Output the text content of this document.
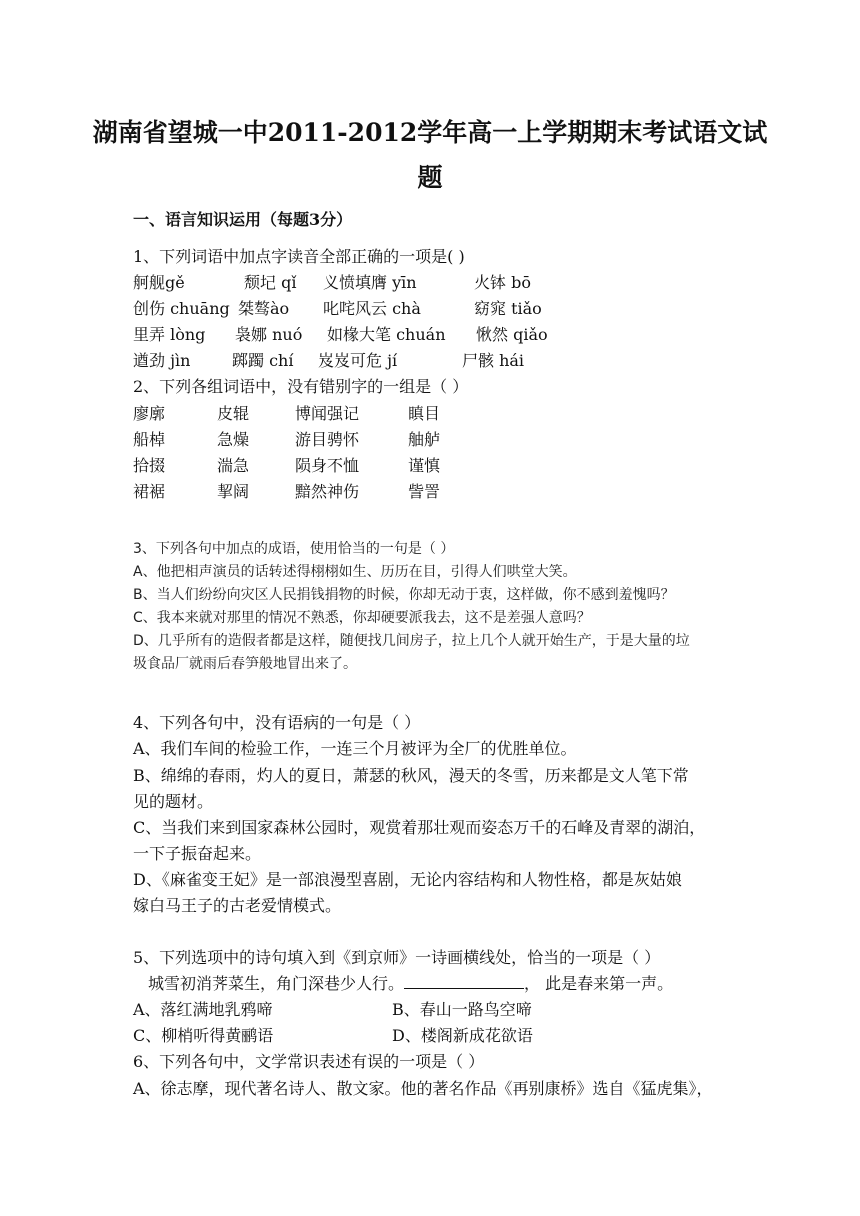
湖南省望城一中2011-2012学年高一上学期期末考试语文试
题
一、语言知识运用（每题3分）
1、下列词语中加点字读音全部正确的一项是( )
舸舰gě	颓圮 qǐ 义愤填膺 yīn	火钵 bō
创伤 chuāng 桀骜ào 叱咤风云 chà	窈窕 tiǎo
里弄 lòng 袅娜 nuó 如椽大笔 chuán 愀然 qiǎo
遒劲 jìn	踯躅 chí 岌岌可危 jí	尸骸 hái
2、下列各组词语中，没有错别字的一组是（ ）
廖廓	皮辊	博闻强记	瞋目
船棹	急燥	游目骋怀	舳舻
拾掇	湍急	陨身不恤	谨慎
裙裾	挈阔	黯然神伤	訾詈
3、下列各句中加点的成语，使用恰当的一句是（ ）
A、他把相声演员的话转述得栩栩如生、历历在目，引得人们哄堂大笑。
B、当人们纷纷向灾区人民捐钱捐物的时候，你却无动于衷，这样做，你不感到羞愧吗？
C、我本来就对那里的情况不熟悉，你却硬要派我去，这不是差强人意吗？
D、几乎所有的造假者都是这样，随便找几间房子，拉上几个人就开始生产，于是大量的垃
圾食品厂就雨后春笋般地冒出来了。
4、下列各句中，没有语病的一句是（ ）
A、我们车间的检验工作，一连三个月被评为全厂的优胜单位。
B、绵绵的春雨，灼人的夏日，萧瑟的秋风，漫天的冬雪，历来都是文人笔下常
见的题材。
C、当我们来到国家森林公园时，观赏着那壮观而姿态万千的石峰及青翠的湖泊，
一下子振奋起来。
D、《麻雀变王妃》是一部浪漫型喜剧，无论内容结构和人物性格，都是灰姑娘
嫁白马王子的古老爱情模式。
5、下列选项中的诗句填入到《到京师》一诗画横线处，恰当的一项是（ ）
城雪初消荠菜生，角门深巷少人行。	， 此是春来第一声。
A、落红满地乳鸦啼	B、春山一路鸟空啼
C、柳梢听得黄鹂语	D、楼阁新成花欲语
6、下列各句中，文学常识表述有误的一项是（ ）
A、徐志摩，现代著名诗人、散文家。他的著名作品《再别康桥》选自《猛虎集》，
